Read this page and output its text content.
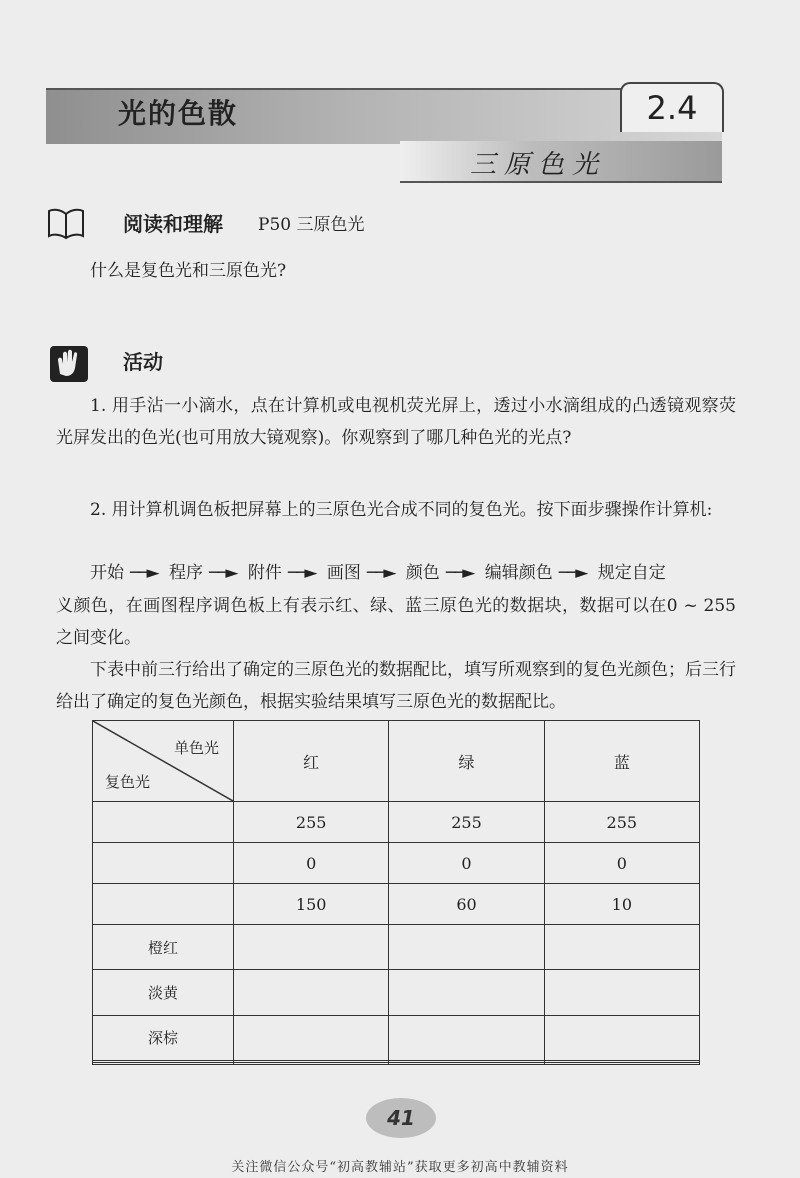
光的色散	2.4
三原色光
阅读和理解 P50 三原色光
什么是复色光和三原色光?
活动
1. 用手沾一小滴水，点在计算机或电视机荧光屏上，透过小水滴组成的凸透镜观察荧光屏发出的色光(也可用放大镜观察)。你观察到了哪几种色光的光点?
2. 用计算机调色板把屏幕上的三原色光合成不同的复色光。按下面步骤操作计算机:
开始 ──► 程序 ──► 附件 ──► 画图 ──► 颜色 ──► 编辑颜色 ──► 规定自定
义颜色，在画图程序调色板上有表示红、绿、蓝三原色光的数据块，数据可以在0 ~ 255 之间变化。
下表中前三行给出了确定的三原色光的数据配比，填写所观察到的复色光颜色；后三行给出了确定的复色光颜色，根据实验结果填写三原色光的数据配比。
单色光
复色光	红	绿	蓝
	255	255	255
	0	0	0
	150	60	10
橙红			
淡黄			
深棕			

41
关注微信公众号“初高教辅站”获取更多初高中教辅资料
